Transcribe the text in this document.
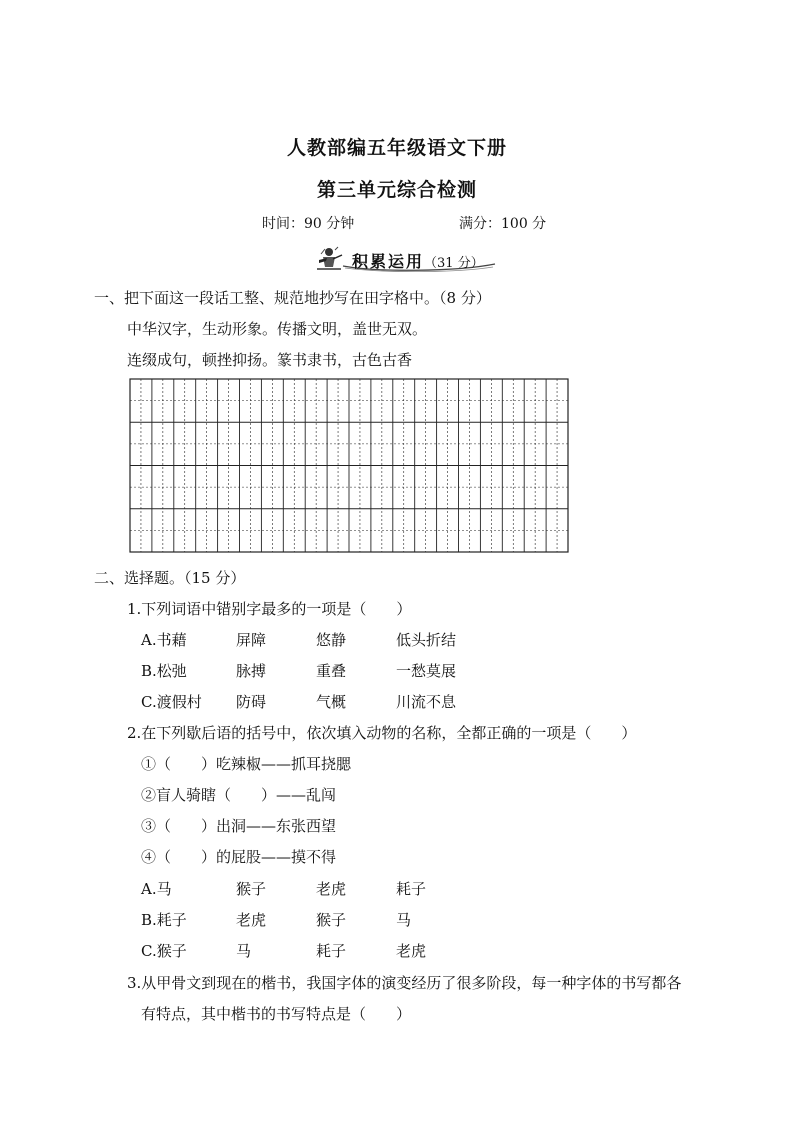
人教部编五年级语文下册
第三单元综合检测
时间：90 分钟	满分：100 分
积累运用（31 分）
一、把下面这一段话工整、规范地抄写在田字格中。（8 分）
中华汉字，生动形象。传播文明，盖世无双。
连缀成句，顿挫抑扬。篆书隶书，古色古香
二、选择题。（15 分）
1.下列词语中错别字最多的一项是（　　）
A.书藉	屏障	悠静	低头折结
B.松弛	脉搏	重叠	一愁莫展
C.渡假村 防碍	气概	川流不息
2.在下列歇后语的括号中，依次填入动物的名称，全都正确的一项是（　　）
①（　　）吃辣椒——抓耳挠腮
②盲人骑瞎（　　）——乱闯
③（　　）出洞——东张西望
④（　　）的屁股——摸不得
A.马	猴子	老虎	耗子
B.耗子	老虎	猴子	马
C.猴子	马	耗子	老虎
3.从甲骨文到现在的楷书，我国字体的演变经历了很多阶段，每一种字体的书写都各
有特点，其中楷书的书写特点是（　　）
